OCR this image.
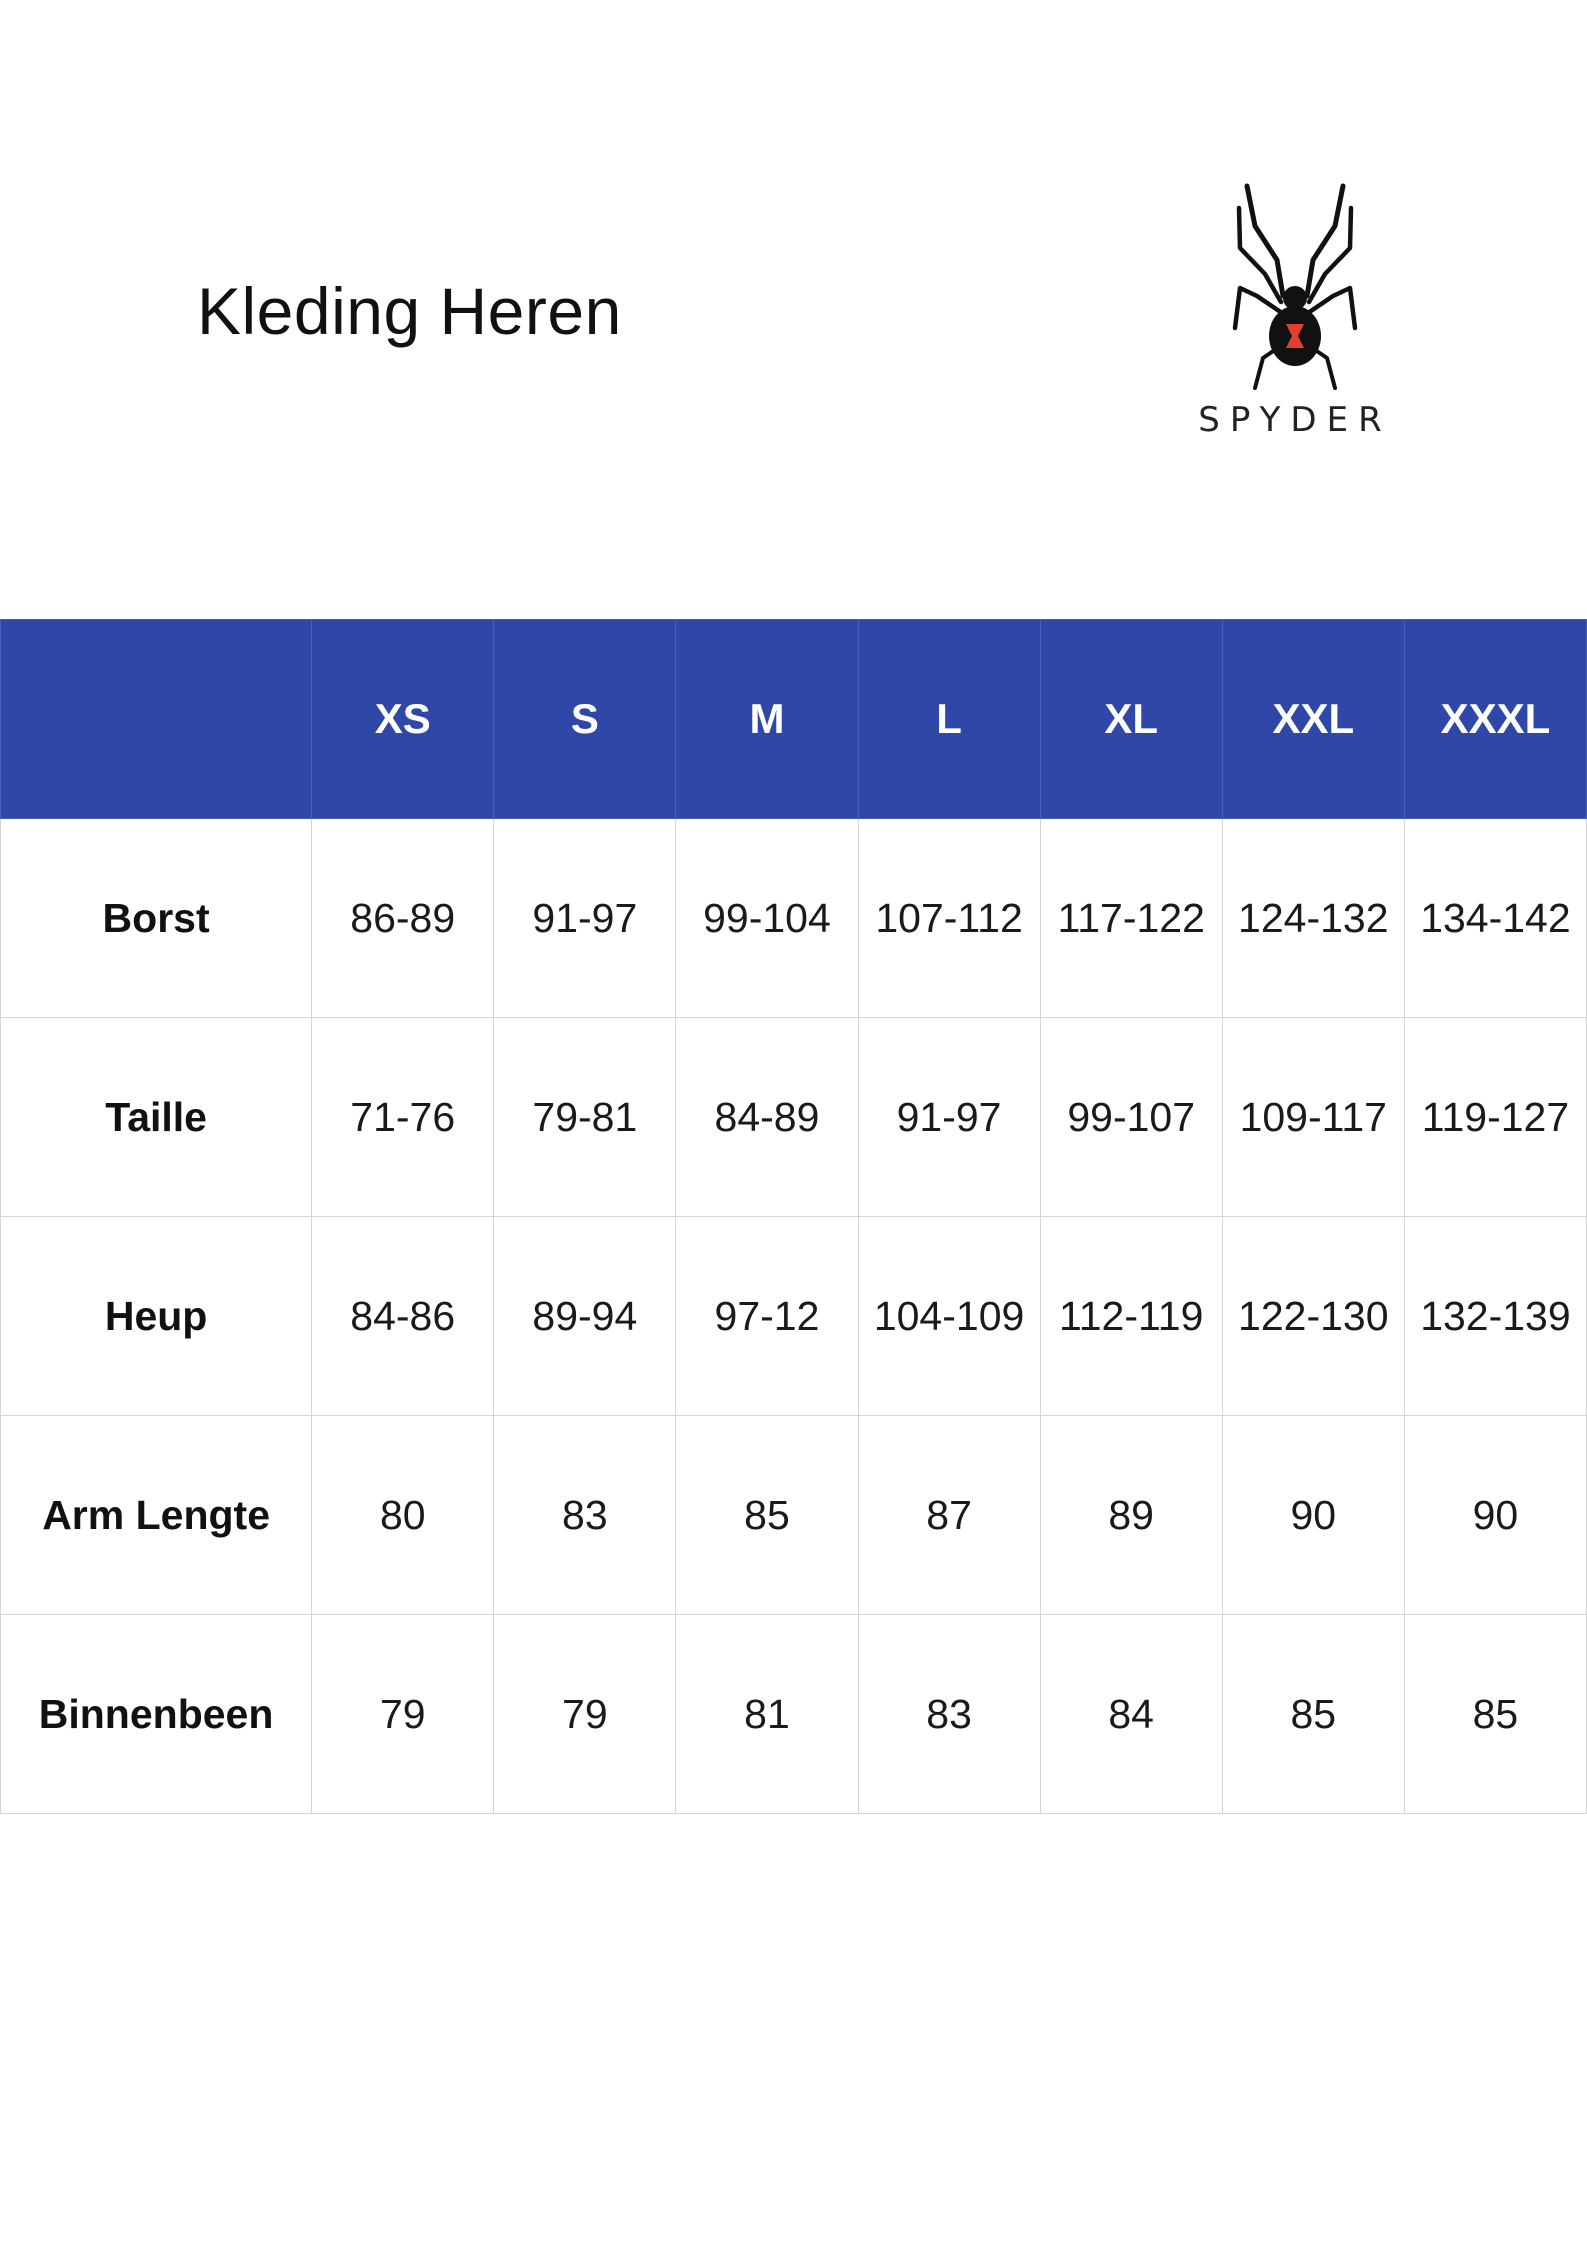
Kleding Heren
SPYDER
	XS	S	M	L	XL	XXL	XXXL
Borst	86-89	91-97	99-104	107-112	117-122	124-132	134-142
Taille	71-76	79-81	84-89	91-97	99-107	109-117	119-127
Heup	84-86	89-94	97-12	104-109	112-119	122-130	132-139
Arm Lengte	80	83	85	87	89	90	90
Binnenbeen	79	79	81	83	84	85	85
